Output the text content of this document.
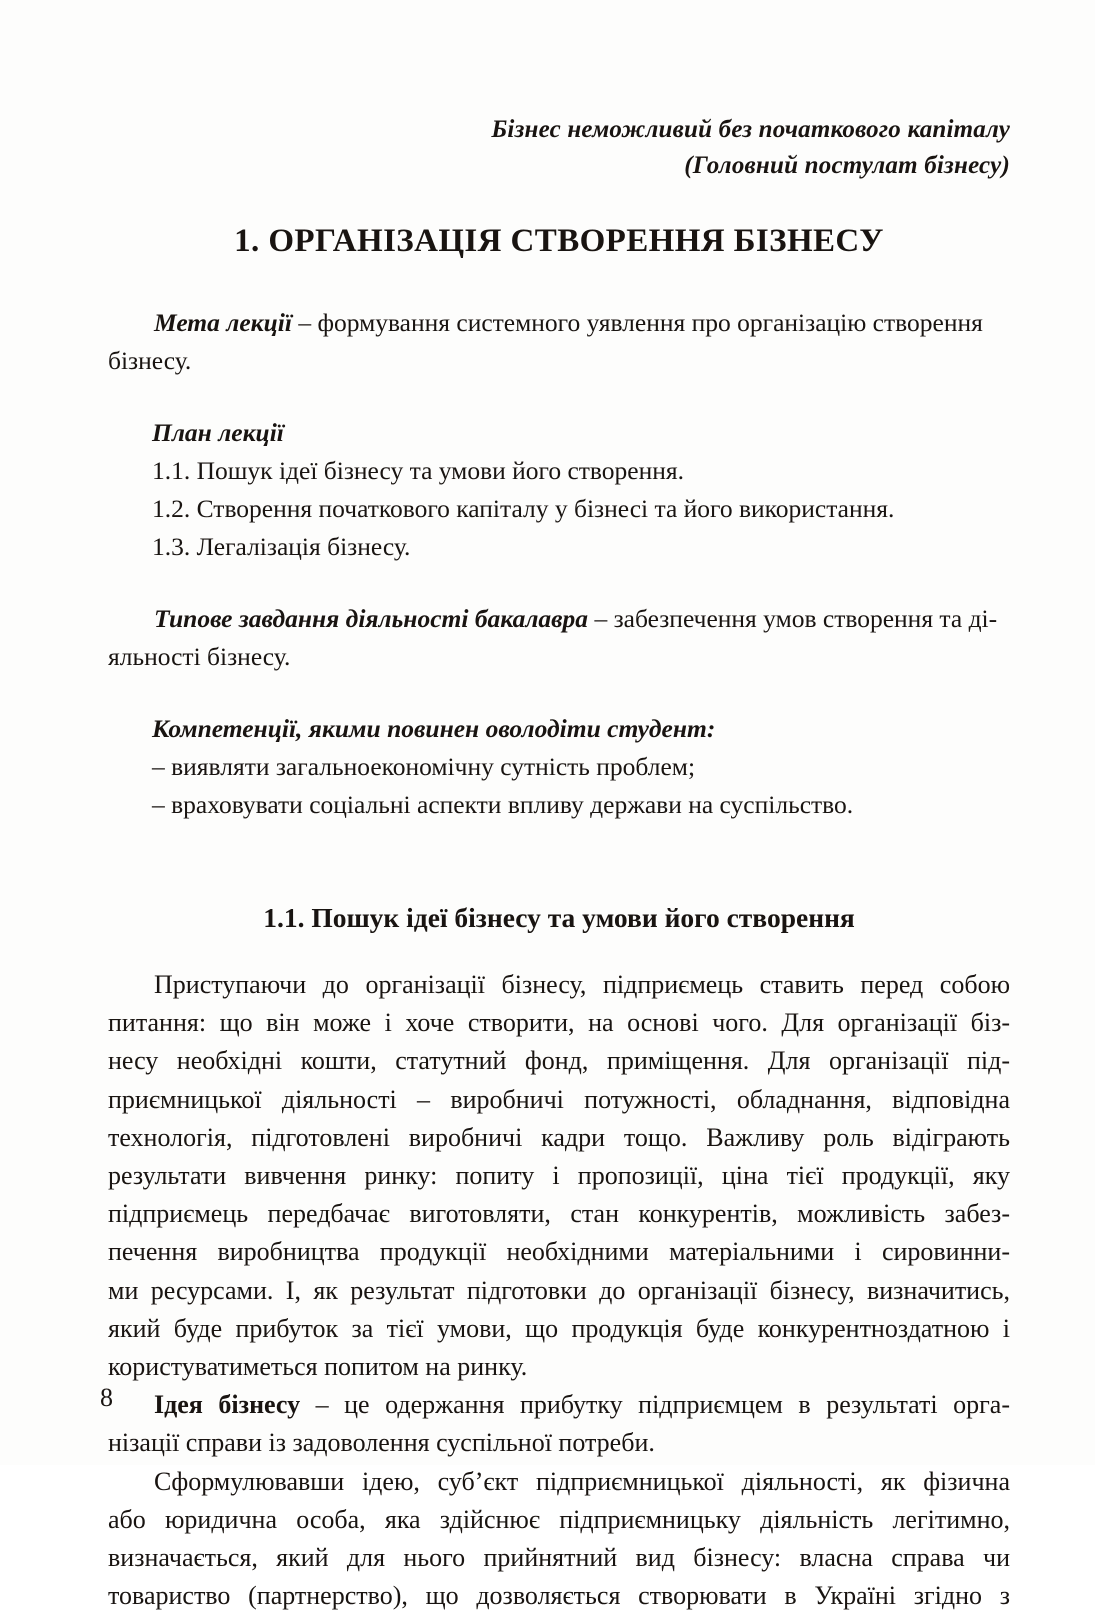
Бізнес неможливий без початкового капіталу
(Головний постулат бізнесу)
1. ОРГАНІЗАЦІЯ СТВОРЕННЯ БІЗНЕСУ
Мета лекції – формування системного уявлення про організацію створення
бізнесу.
План лекції
1.1. Пошук ідеї бізнесу та умови його створення.
1.2. Створення початкового капіталу у бізнесі та його використання.
1.3. Легалізація бізнесу.
Типове завдання діяльності бакалавра – забезпечення умов створення та ді-
яльності бізнесу.
Компетенції, якими повинен оволодіти студент:
– виявляти загальноекономічну сутність проблем;
– враховувати соціальні аспекти впливу держави на суспільство.
1.1. Пошук ідеї бізнесу та умови його створення

Приступаючи до організації бізнесу, підприємець ставить перед собою
питання: що він може і хоче створити, на основі чого. Для організації біз-
несу необхідні кошти, статутний фонд, приміщення. Для організації під-
приємницької діяльності – виробничі потужності, обладнання, відповідна
технологія, підготовлені виробничі кадри тощо. Важливу роль відіграють
результати вивчення ринку: попиту і пропозиції, ціна тієї продукції, яку
підприємець передбачає виготовляти, стан конкурентів, можливість забез-
печення виробництва продукції необхідними матеріальними і сировинни-
ми ресурсами. І, як результат підготовки до організації бізнесу, визначитись,
який буде прибуток за тієї умови, що продукція буде конкурентноздатною і
користуватиметься попитом на ринку.

Ідея бізнесу – це одержання прибутку підприємцем в результаті орга-
нізації справи із задоволення суспільної потреби.

Сформулювавши ідею, суб’єкт підприємницької діяльності, як фізична
або юридична особа, яка здійснює підприємницьку діяльність легітимно,
визначається, який для нього прийнятний вид бізнесу: власна справа чи
товариство (партнерство), що дозволяється створювати в Україні згідно з

8
